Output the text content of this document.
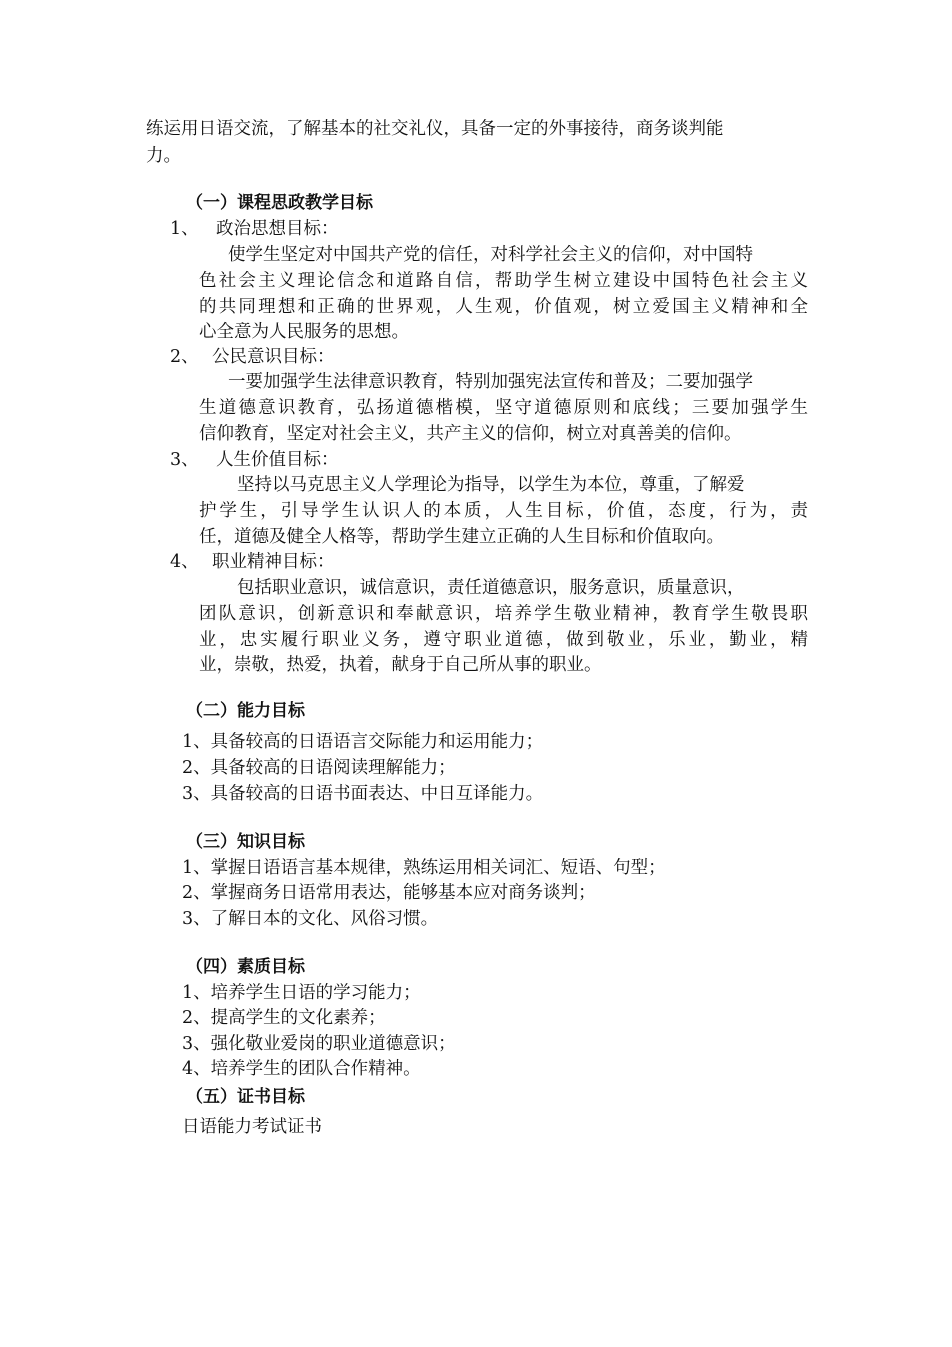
练运用日语交流，了解基本的社交礼仪，具备一定的外事接待，商务谈判能
力。
（一）课程思政教学目标
1、 政治思想目标：
使学生坚定对中国共产党的信任，对科学社会主义的信仰，对中国特
色社会主义理论信念和道路自信，帮助学生树立建设中国特色社会主义
的共同理想和正确的世界观，人生观，价值观，树立爱国主义精神和全
心全意为人民服务的思想。
2、 公民意识目标：
一要加强学生法律意识教育，特别加强宪法宣传和普及；二要加强学
生道德意识教育，弘扬道德楷模，坚守道德原则和底线；三要加强学生
信仰教育，坚定对社会主义，共产主义的信仰，树立对真善美的信仰。
3、 人生价值目标：
坚持以马克思主义人学理论为指导，以学生为本位，尊重，了解爱
护学生，引导学生认识人的本质，人生目标，价值，态度，行为，责
任，道德及健全人格等，帮助学生建立正确的人生目标和价值取向。
4、 职业精神目标：
包括职业意识，诚信意识，责任道德意识，服务意识，质量意识，
团队意识，创新意识和奉献意识，培养学生敬业精神，教育学生敬畏职
业，忠实履行职业义务，遵守职业道德，做到敬业，乐业，勤业，精
业，崇敬，热爱，执着，献身于自己所从事的职业。
（二）能力目标
1、具备较高的日语语言交际能力和运用能力；
2、具备较高的日语阅读理解能力；
3、具备较高的日语书面表达、中日互译能力。
（三）知识目标
1、掌握日语语言基本规律，熟练运用相关词汇、短语、句型；
2、掌握商务日语常用表达，能够基本应对商务谈判；
3、了解日本的文化、风俗习惯。
（四）素质目标
1、培养学生日语的学习能力；
2、提高学生的文化素养；
3、强化敬业爱岗的职业道德意识；
4、培养学生的团队合作精神。
（五）证书目标
日语能力考试证书
